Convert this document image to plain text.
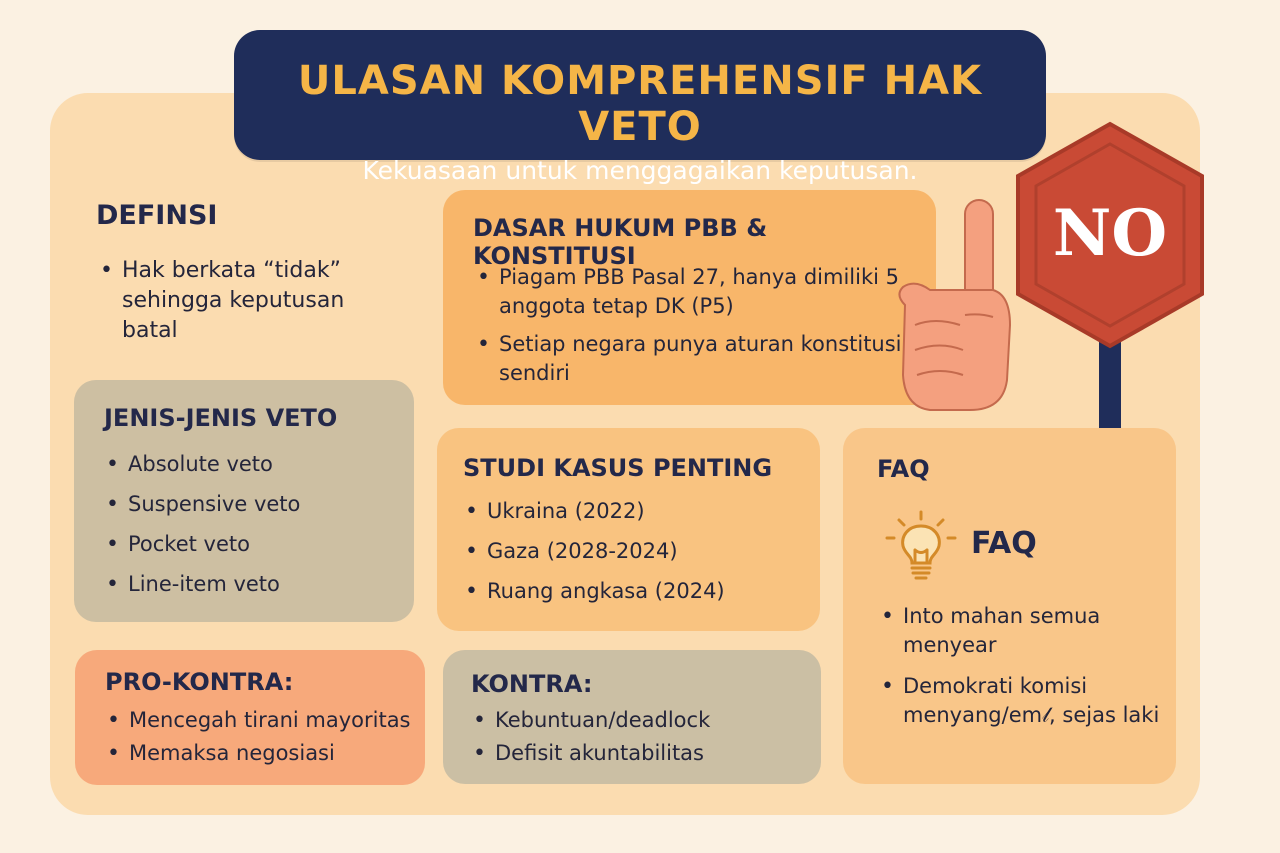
ULASAN KOMPREHENSIF HAK VETO
Kekuasaan untuk menggagaikan keputusan.
DEFINSI
• Hak berkata “tidak” sehingga keputusan batal
DASAR HUKUM PBB & KONSTITUSI
• Piagam PBB Pasal 27, hanya dimiliki 5 anggota tetap DK (P5)
• Setiap negara punya aturan konstitusi sendiri
NO
JENIS-JENIS VETO
• Absolute veto
• Suspensive veto
• Pocket veto
• Line-item veto
STUDI KASUS PENTING
• Ukraina (2022)
• Gaza (2028-2024)
• Ruang angkasa (2024)
FAQ
FAQ
• Into mahan semua menyear
• Demokrati komisi menyang/em𝓁, sejas laki
PRO-KONTRA:
• Mencegah tirani mayoritas
• Memaksa negosiasi
KONTRA:
• Kebuntuan/deadlock
• Defisit akuntabilitas
